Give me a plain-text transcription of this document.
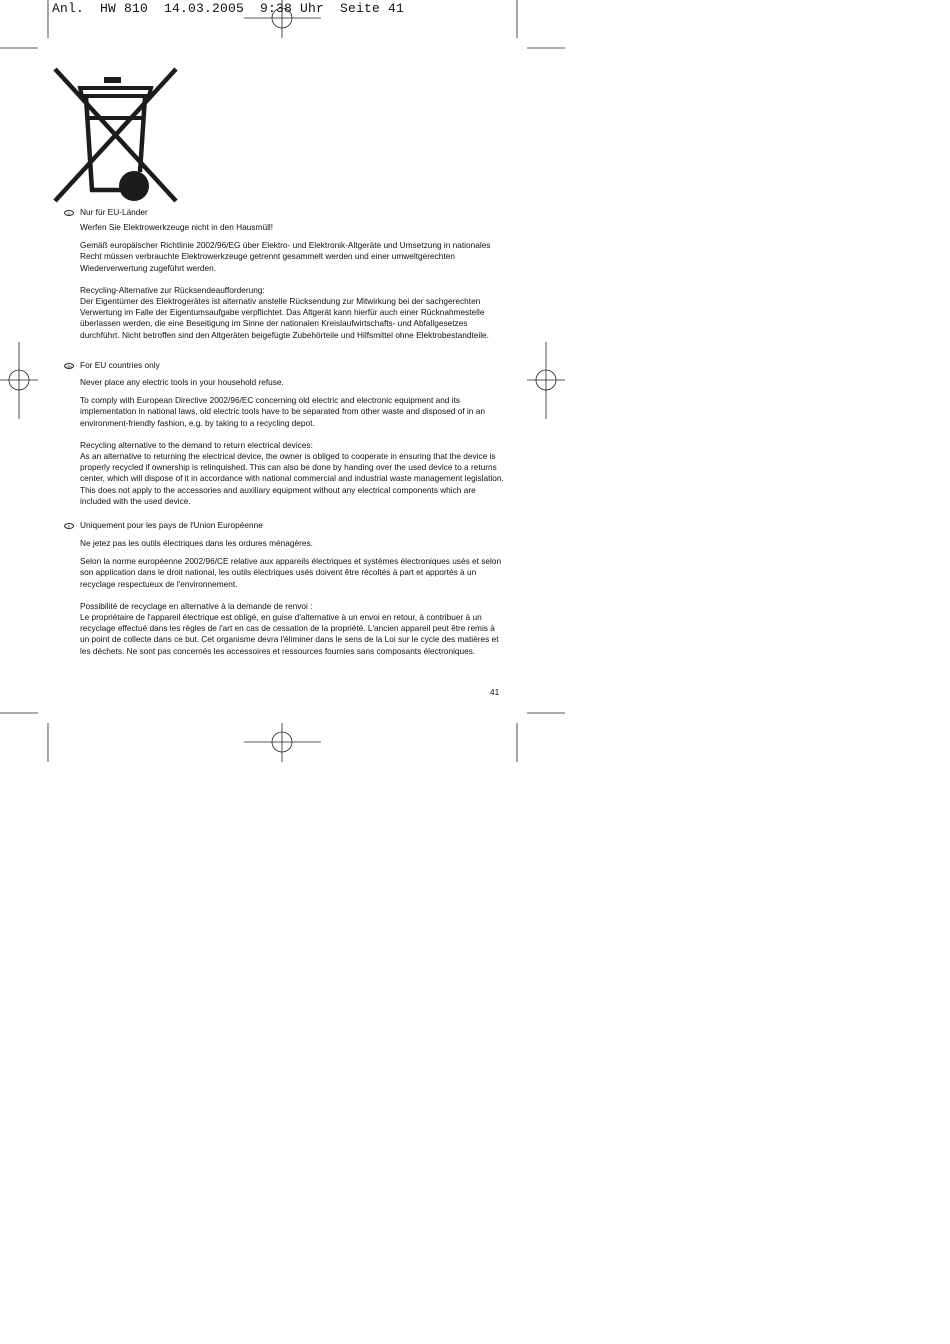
Anl.  HW 810  14.03.2005  9:38 Uhr  Seite 41
D	Nur für EU-Länder

Werfen Sie Elektrowerkzeuge nicht in den Hausmüll!

Gemäß europäischer Richtlinie 2002/96/EG über Elektro- und Elektronik-Altgeräte und Umsetzung in nationales Recht müssen verbrauchte Elektrowerkzeuge getrennt gesammelt werden und einer umweltgerechten Wiederverwertung zugeführt werden.

Recycling-Alternative zur Rücksendeaufforderung:

Der Eigentümer des Elektrogerätes ist alternativ anstelle Rücksendung zur Mitwirkung bei der sachgerechten Verwertung im Falle der Eigentumsaufgabe verpflichtet. Das Altgerät kann hierfür auch einer Rücknahmestelle überlassen werden, die eine Beseitigung im Sinne der nationalen Kreislaufwirtschafts- und Abfallgesetzes durchführt. Nicht betroffen sind den Altgeräten beigefügte Zubehörteile und Hilfsmittel ohne Elektrobestandteile.

GB For EU countries only

Never place any electric tools in your household refuse.

To comply with European Directive 2002/96/EC concerning old electric and electronic equipment and its implementation in national laws, old electric tools have to be separated from other waste and disposed of in an environment-friendly fashion, e.g. by taking to a recycling depot.

Recycling alternative to the demand to return electrical devices:

As an alternative to returning the electrical device, the owner is obliged to cooperate in ensuring that the device is properly recycled if ownership is relinquished. This can also be done by handing over the used device to a returns center, which will dispose of it in accordance with national commercial and industrial waste management legislation. This does not apply to the accessories and auxiliary equipment without any electrical components which are included with the used device.

F	Uniquement pour les pays de l'Union Européenne

Ne jetez pas les outils électriques dans les ordures ménagères.

Selon la norme européenne 2002/96/CE relative aux appareils électriques et systèmes électroniques usés et selon son application dans le droit national, les outils électriques usés doivent être récoltés à part et apportés à un recyclage respectueux de l'environnement.

Possibilité de recyclage en alternative à la demande de renvoi :

Le propriétaire de l'appareil électrique est obligé, en guise d'alternative à un envoi en retour, à contribuer à un recyclage effectué dans les règles de l'art en cas de cessation de la propriété. L'ancien appareil peut être remis à un point de collecte dans ce but. Cet organisme devra l'éliminer dans le sens de la Loi sur le cycle des matières et les déchets. Ne sont pas concernés les accessoires et ressources fournies sans composants électroniques.

41
